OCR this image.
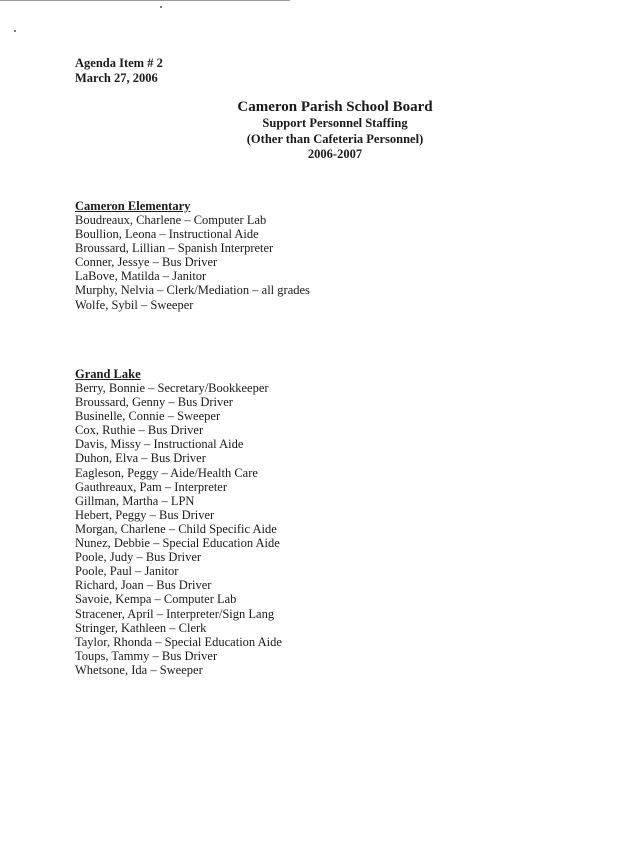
Agenda Item # 2
March 27, 2006
Cameron Parish School Board
Support Personnel Staffing
(Other than Cafeteria Personnel)
2006-2007
Cameron Elementary
Boudreaux, Charlene – Computer Lab
Boullion, Leona – Instructional Aide
Broussard, Lillian – Spanish Interpreter
Conner, Jessye – Bus Driver
LaBove, Matilda – Janitor
Murphy, Nelvia – Clerk/Mediation – all grades
Wolfe, Sybil – Sweeper
Grand Lake
Berry, Bonnie – Secretary/Bookkeeper
Broussard, Genny – Bus Driver
Businelle, Connie – Sweeper
Cox, Ruthie – Bus Driver
Davis, Missy – Instructional Aide
Duhon, Elva – Bus Driver
Eagleson, Peggy – Aide/Health Care
Gauthreaux, Pam – Interpreter
Gillman, Martha – LPN
Hebert, Peggy – Bus Driver
Morgan, Charlene – Child Specific Aide
Nunez, Debbie – Special Education Aide
Poole, Judy – Bus Driver
Poole, Paul – Janitor
Richard, Joan – Bus Driver
Savoie, Kempa – Computer Lab
Stracener, April – Interpreter/Sign Lang
Stringer, Kathleen – Clerk
Taylor, Rhonda – Special Education Aide
Toups, Tammy – Bus Driver
Whetsone, Ida – Sweeper
